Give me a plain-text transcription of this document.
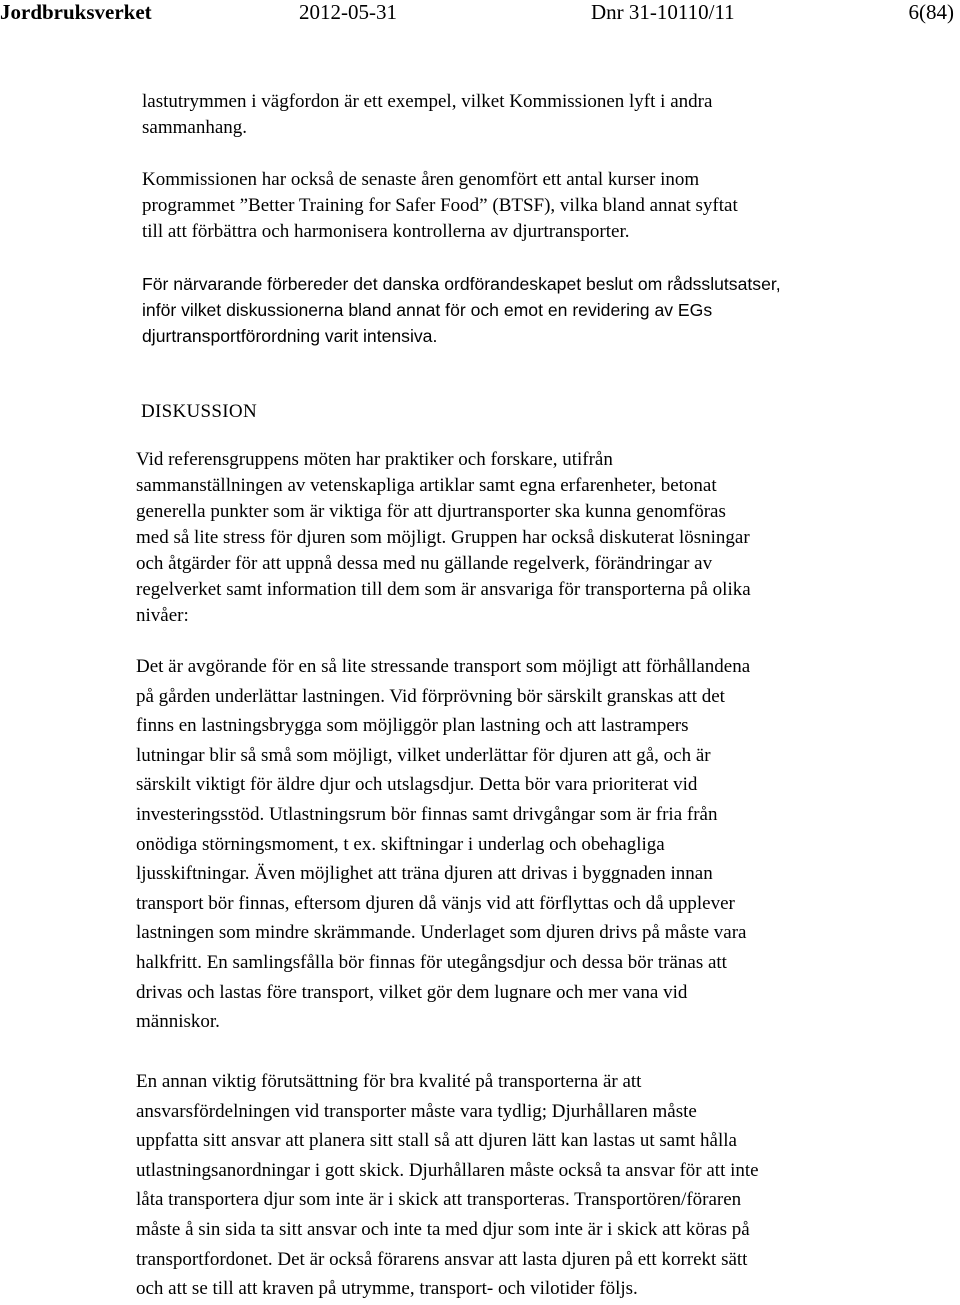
Jordbruksverket	2012-05-31	Dnr 31-10110/11	6(84)

lastutrymmen i vägfordon är ett exempel, vilket Kommissionen lyft i andra
sammanhang.

Kommissionen har också de senaste åren genomfört ett antal kurser inom
programmet ”Better Training for Safer Food” (BTSF), vilka bland annat syftat
till att förbättra och harmonisera kontrollerna av djurtransporter.

För närvarande förbereder det danska ordförandeskapet beslut om rådsslutsatser,
inför vilket diskussionerna bland annat för och emot en revidering av EGs
djurtransportförordning varit intensiva.

DISKUSSION

Vid referensgruppens möten har praktiker och forskare, utifrån
sammanställningen av vetenskapliga artiklar samt egna erfarenheter, betonat
generella punkter som är viktiga för att djurtransporter ska kunna genomföras
med så lite stress för djuren som möjligt. Gruppen har också diskuterat lösningar
och åtgärder för att uppnå dessa med nu gällande regelverk, förändringar av
regelverket samt information till dem som är ansvariga för transporterna på olika
nivåer:

Det är avgörande för en så lite stressande transport som möjligt att förhållandena
på gården underlättar lastningen. Vid förprövning bör särskilt granskas att det
finns en lastningsbrygga som möjliggör plan lastning och att lastrampers
lutningar blir så små som möjligt, vilket underlättar för djuren att gå, och är
särskilt viktigt för äldre djur och utslagsdjur. Detta bör vara prioriterat vid
investeringsstöd. Utlastningsrum bör finnas samt drivgångar som är fria från
onödiga störningsmoment, t ex. skiftningar i underlag och obehagliga
ljusskiftningar. Även möjlighet att träna djuren att drivas i byggnaden innan
transport bör finnas, eftersom djuren då vänjs vid att förflyttas och då upplever
lastningen som mindre skrämmande. Underlaget som djuren drivs på måste vara
halkfritt. En samlingsfålla bör finnas för utegångsdjur och dessa bör tränas att
drivas och lastas före transport, vilket gör dem lugnare och mer vana vid
människor.

En annan viktig förutsättning för bra kvalité på transporterna är att
ansvarsfördelningen vid transporter måste vara tydlig; Djurhållaren måste
uppfatta sitt ansvar att planera sitt stall så att djuren lätt kan lastas ut samt hålla
utlastningsanordningar i gott skick. Djurhållaren måste också ta ansvar för att inte
låta transportera djur som inte är i skick att transporteras. Transportören/föraren
måste å sin sida ta sitt ansvar och inte ta med djur som inte är i skick att köras på
transportfordonet. Det är också förarens ansvar att lasta djuren på ett korrekt sätt
och att se till att kraven på utrymme, transport- och vilotider följs.
